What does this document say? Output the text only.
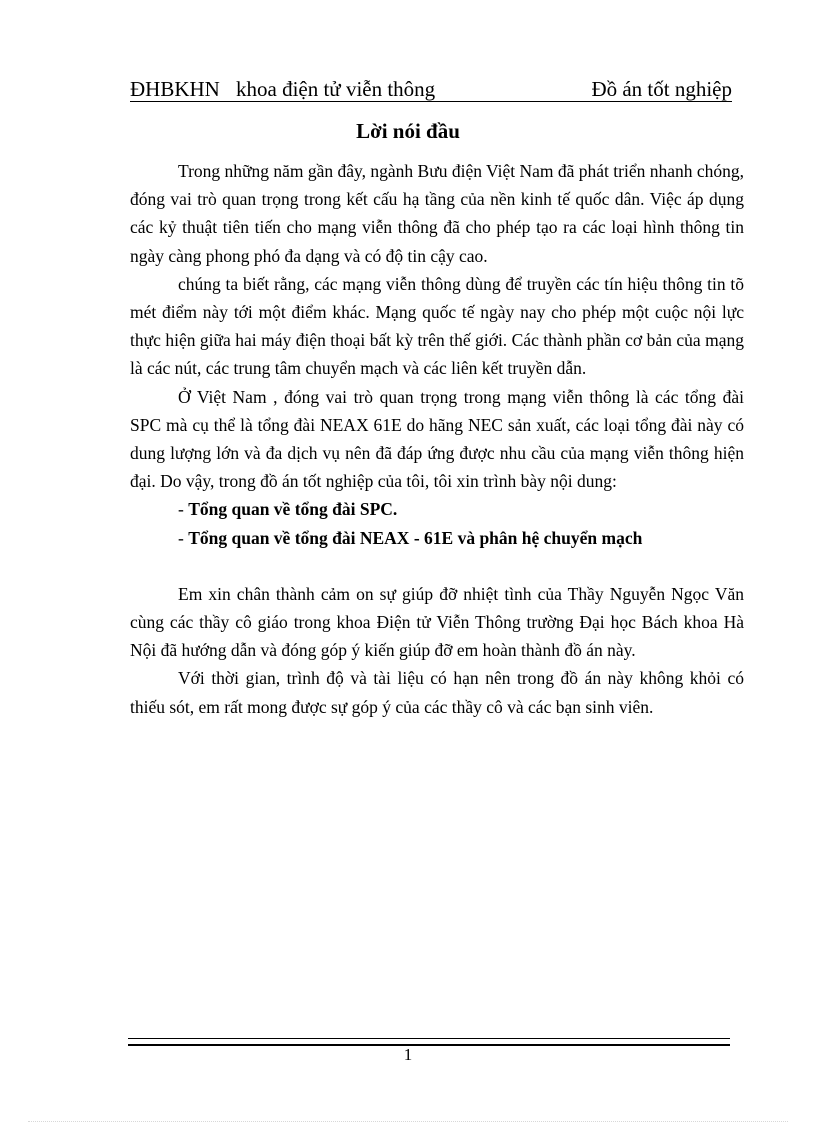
ĐHBKHN khoa điện tử viễn thông	Đồ án tốt nghiệp
Lời nói đầu

Trong những năm gần đây, ngành Bưu điện Việt Nam đã phát triển nhanh chóng, đóng vai trò quan trọng trong kết cấu hạ tầng của nền kinh tế quốc dân. Việc áp dụng các kỷ thuật tiên tiến cho mạng viễn thông đã cho phép tạo ra các loại hình thông tin ngày càng phong phó đa dạng và có độ tin cậy cao.

chúng ta biết rằng, các mạng viễn thông dùng để truyền các tín hiệu thông tin tõ mét điểm này tới một điểm khác. Mạng quốc tế ngày nay cho phép một cuộc nội lực thực hiện giữa hai máy điện thoại bất kỳ trên thế giới. Các thành phần cơ bản của mạng là các nút, các trung tâm chuyển mạch và các liên kết truyền dẫn.

Ở Việt Nam , đóng vai trò quan trọng trong mạng viễn thông là các tổng đài SPC mà cụ thể là tổng đài NEAX 61E do hãng NEC sản xuất, các loại tổng đài này có dung lượng lớn và đa dịch vụ nên đã đáp ứng được nhu cầu của mạng viễn thông hiện đại. Do vậy, trong đồ án tốt nghiệp của tôi, tôi xin trình bày nội dung:

- Tổng quan về tổng đài SPC.
- Tổng quan về tổng đài NEAX - 61E và phân hệ chuyển mạch

Em xin chân thành cảm on sự giúp đỡ nhiệt tình của Thầy Nguyễn Ngọc Văn cùng các thầy cô giáo trong khoa Điện tử Viễn Thông trường Đại học Bách khoa Hà Nội đã hướng dẫn và đóng góp ý kiến giúp đỡ em hoàn thành đồ án này.

Với thời gian, trình độ và tài liệu có hạn nên trong đồ án này không khỏi có thiếu sót, em rất mong được sự góp ý của các thầy cô và các bạn sinh viên.

1
